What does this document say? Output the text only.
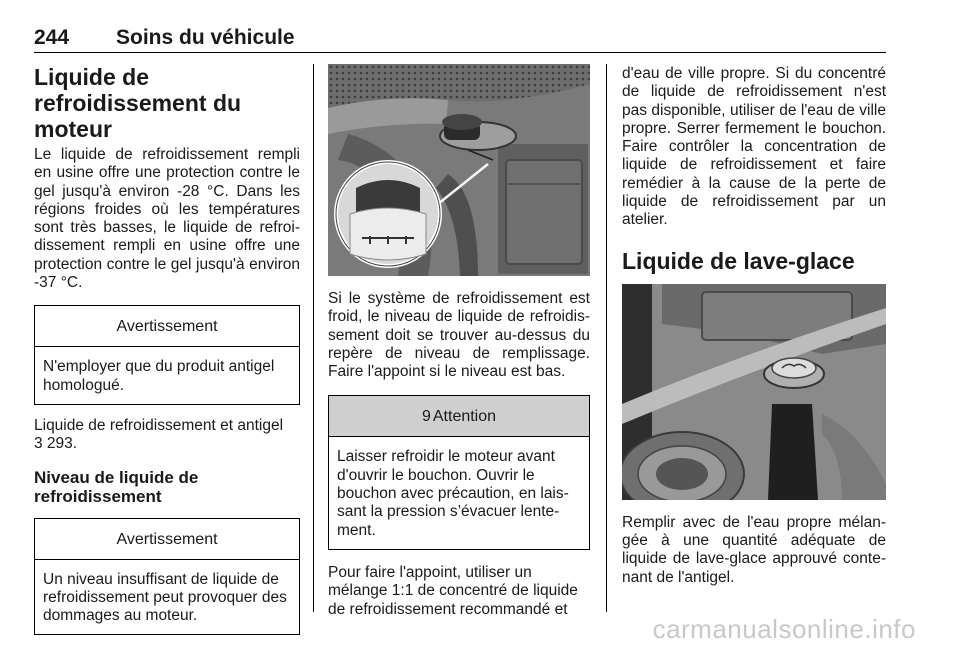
244 Soins du véhicule
Liquide de refroidissement du moteur

Le liquide de refroidissement rempli en usine offre une protection contre le gel jusqu'à environ -28 °C. Dans les régions froides où les températures sont très basses, le liquide de refroidissement rempli en usine offre une protection contre le gel jusqu'à environ -37 °C.

Avertissement
N'employer que du produit antigel homologué.

Liquide de refroidissement et antigel
3 293.

Niveau de liquide de refroidissement
Avertissement
Un niveau insuffisant de liquide de refroidissement peut provoquer des dommages au moteur.

Si le système de refroidissement est froid, le niveau de liquide de refroidissement doit se trouver au-dessus du repère de niveau de remplissage. Faire l'appoint si le niveau est bas.

9 Attention
Laisser refroidir le moteur avant d'ouvrir le bouchon. Ouvrir le bouchon avec précaution, en laissant la pression s’évacuer lentement.

Pour faire l'appoint, utiliser un mélange 1:1 de concentré de liquide de refroidissement recommandé et

d'eau de ville propre. Si du concentré de liquide de refroidissement n'est pas disponible, utiliser de l'eau de ville propre. Serrer fermement le bouchon. Faire contrôler la concentration de liquide de refroidissement et faire remédier à la cause de la perte de liquide de refroidissement par un atelier.

Liquide de lave-glace

Remplir avec de l'eau propre mélangée à une quantité adéquate de liquide de lave-glace approuvé contenant de l'antigel.

carmanualsonline.info
